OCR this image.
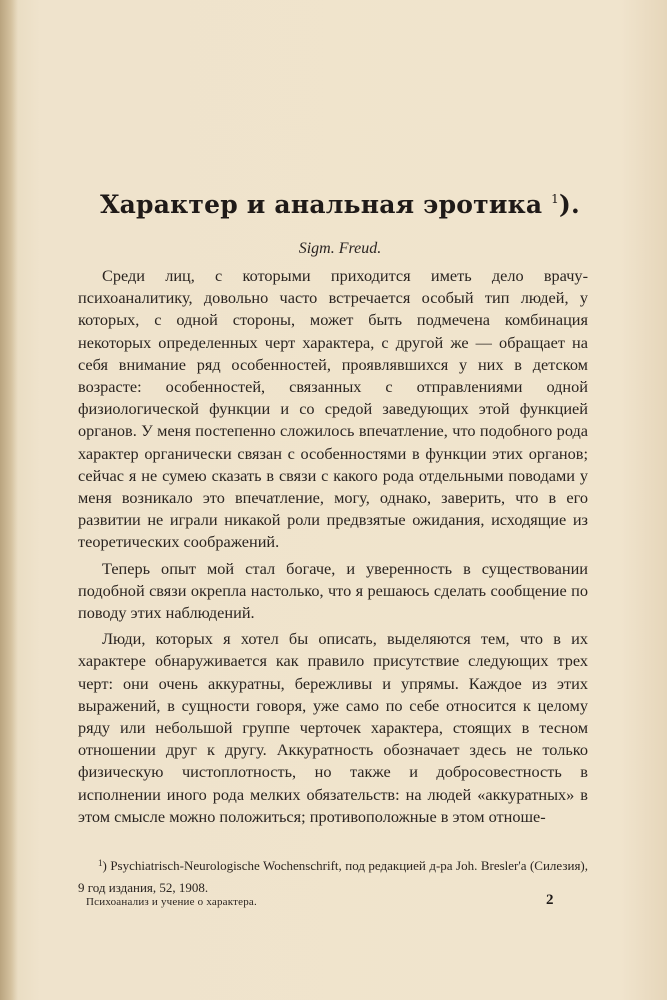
Характер и анальная эротика $^1$).
Sigm. Freud.

Среди лиц, с которыми приходится иметь дело врачу-психоаналитику, довольно часто встречается особый тип людей, у которых, с одной стороны, может быть подмечена комбинация некоторых определенных черт характера, с другой же — обращает на себя внимание ряд особенностей, проявлявшихся у них в детском возрасте: особенностей, связанных с отправлениями одной физиологической функции и со средой заведующих этой функцией органов. У меня постепенно сложилось впечатление, что подобного рода характер органически связан с особенностями в функции этих органов; сейчас я не сумею сказать в связи с какого рода отдельными поводами у меня возникало это впечатление, могу, однако, заверить, что в его развитии не играли никакой роли предвзятые ожидания, исходящие из теоретических соображений.

Теперь опыт мой стал богаче, и уверенность в существовании подобной связи окрепла настолько, что я решаюсь сделать сообщение по поводу этих наблюдений.

Люди, которых я хотел бы описать, выделяются тем, что в их характере обнаруживается как правило присутствие следующих трех черт: они очень аккуратны, бережливы и упрямы. Каждое из этих выражений, в сущности говоря, уже само по себе относится к целому ряду или небольшой группе черточек характера, стоящих в тесном отношении друг к другу. Аккуратность обозначает здесь не только физическую чистоплотность, но также и добросовестность в исполнении иного рода мелких обязательств: на людей «аккуратных» в этом смысле можно положиться; противоположные в этом отноше-

$^1$) Psychiatrisch-Neurologische Wochenschrift, под редакцией д-ра Joh. Bresler'а (Силезия), 9 год издания, 52, 1908.
Психоанализ и учение о характера.	2
